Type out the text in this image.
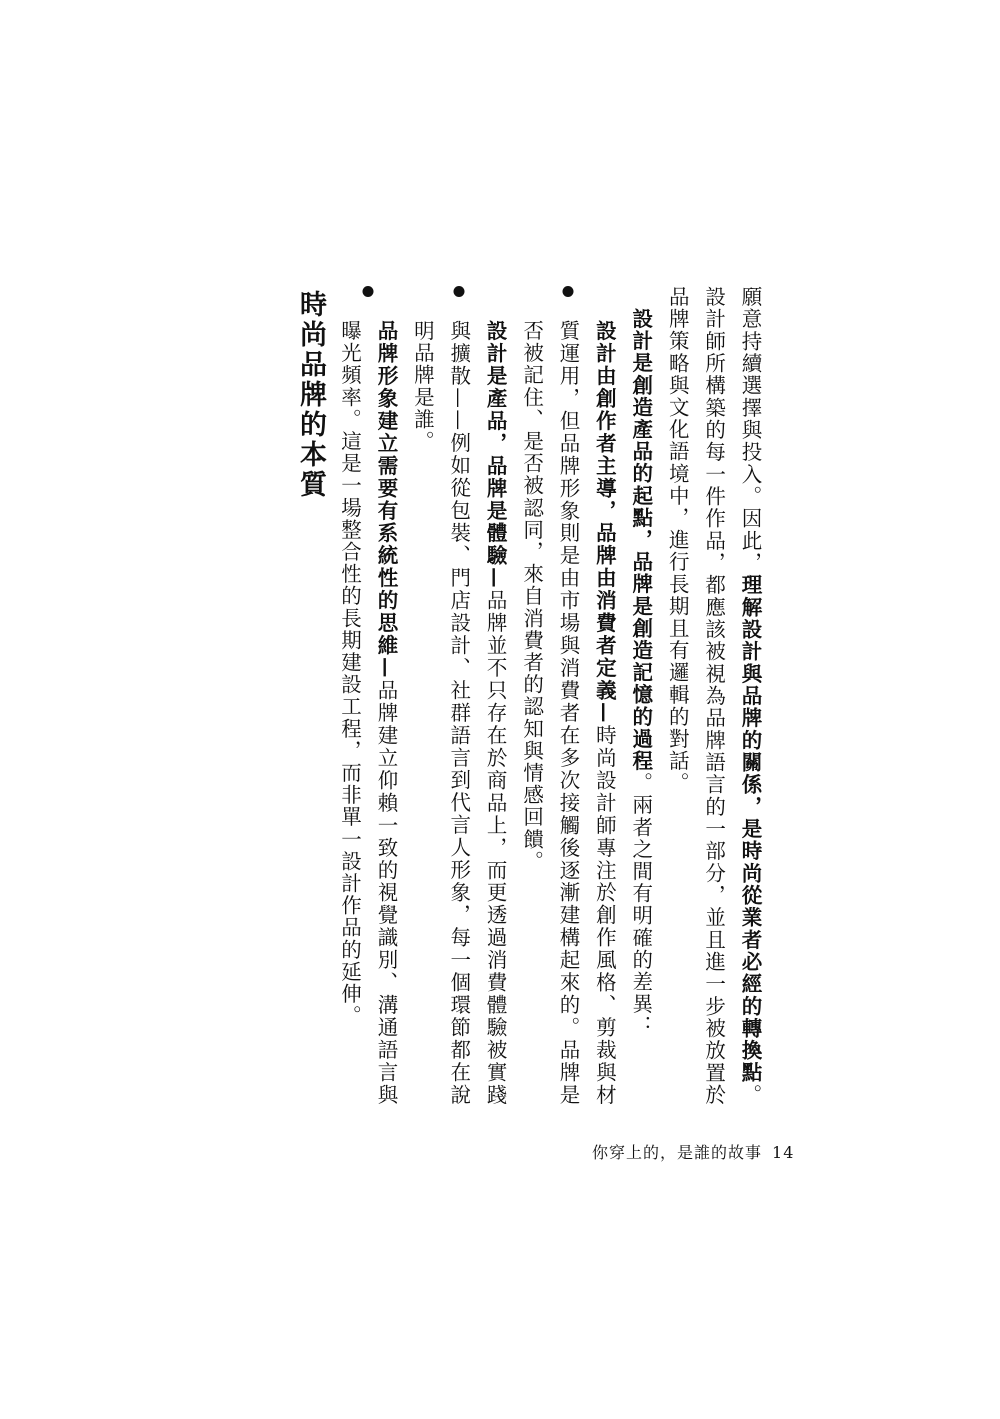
願意持續選擇與投入。因此，理解設計與品牌的關係，是時尚從業者必經的轉換點。設計師所構築的每一件作品，都應該被視為品牌語言的一部分，並且進一步被放置於品牌策略與文化語境中，進行長期且有邏輯的對話。

設計是創造產品的起點，品牌是創造記憶的過程。兩者之間有明確的差異：

設計由創作者主導，品牌由消費者定義—時尚設計師專注於創作風格、剪裁與材質運用，但品牌形象則是由市場與消費者在多次接觸後逐漸建構起來的。品牌是否被記住、是否被認同，來自消費者的認知與情感回饋。

設計是產品，品牌是體驗—品牌並不只存在於商品上，而更透過消費體驗被實踐與擴散——例如從包裝、門店設計、社群語言到代言人形象，每一個環節都在說明品牌是誰。

品牌形象建立需要有系統性的思維—品牌建立仰賴一致的視覺識別、溝通語言與曝光頻率。這是一場整合性的長期建設工程，而非單一設計作品的延伸。

時尚品牌的本質
你穿上的，是誰的故事 14
